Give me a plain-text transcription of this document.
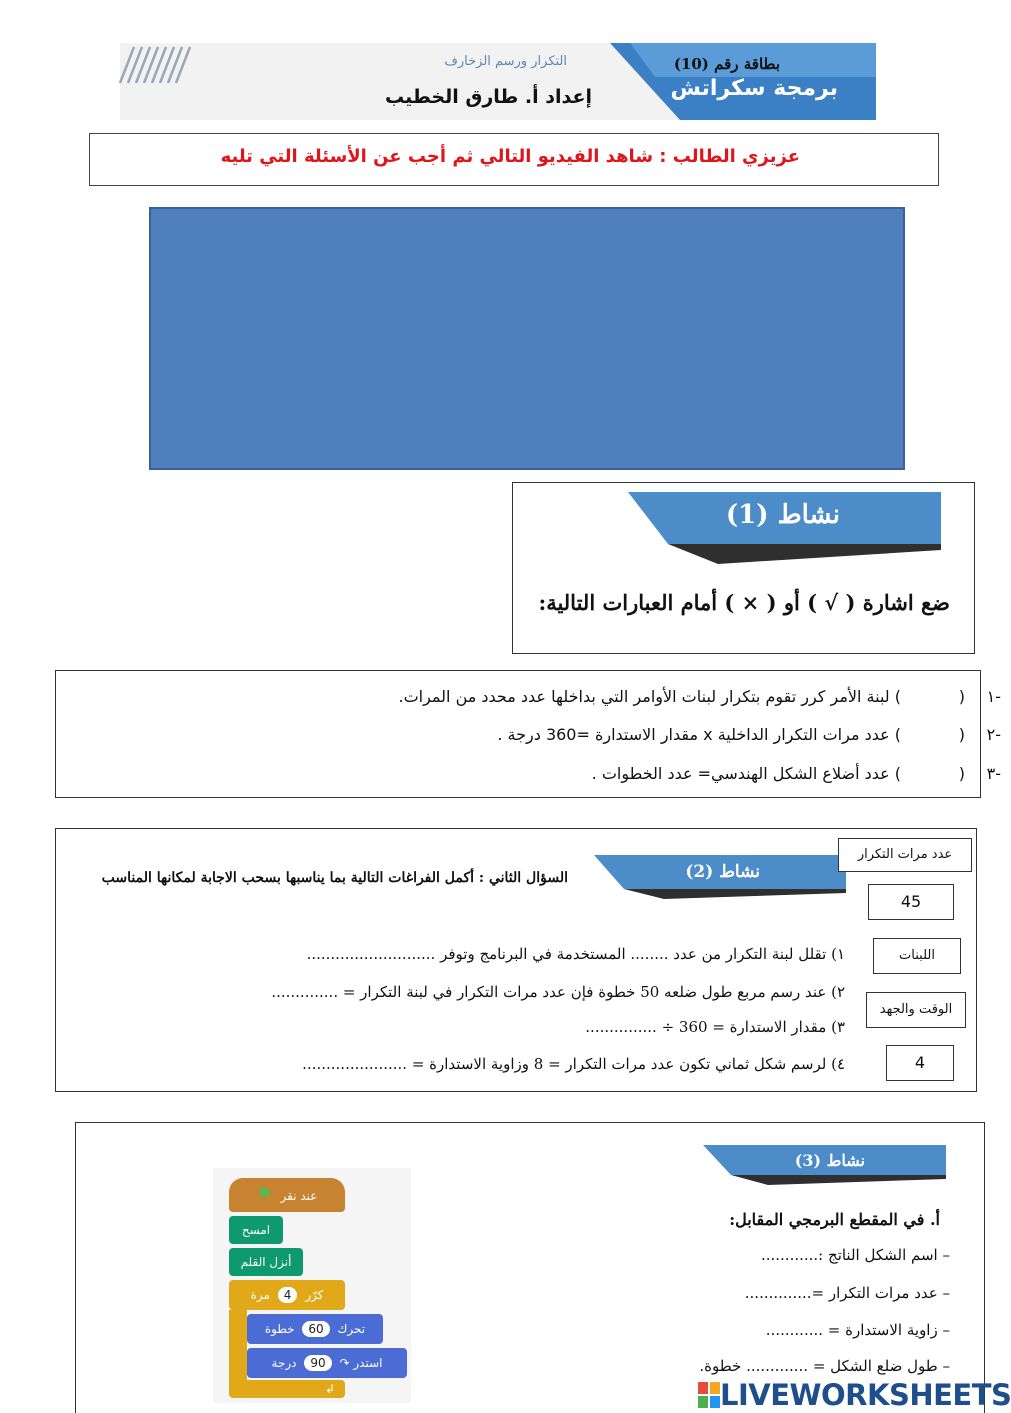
التكرار ورسم الزخارف	بطاقة رقم (10)
برمجة سكراتش
إعداد أ. طارق الخطيب
عزيزي الطالب : شاهد الفيديو التالي ثم أجب عن الأسئلة التي تليه
نشاط (1)
ضع اشارة ( √ ) أو ( × ) أمام العبارات التالية:
-١
(
) لبنة الأمر كرر تقوم بتكرار لبنات الأوامر التي بداخلها عدد محدد من المرات.
-٢
(
) عدد مرات التكرار الداخلية x مقدار الاستدارة =360 درجة .
-٣
(
) عدد أضلاع الشكل الهندسي= عدد الخطوات .
نشاط (2)
السؤال الثاني : أكمل الفراغات التالية بما يناسبها بسحب الاجابة لمكانها المناسب
١) تقلل لبنة التكرار من عدد ........ المستخدمة في البرنامج وتوفر ...........................
٢) عند رسم مربع طول ضلعه 50 خطوة فإن عدد مرات التكرار في لبنة التكرار = ..............
٣) مقدار الاستدارة = 360 ÷ ...............
٤) لرسم شكل ثماني تكون عدد مرات التكرار = 8 وزاوية الاستدارة = ......................
عدد مرات التكرار
45
اللبنات
الوقت والجهد
4
نشاط (3)
أ. في المقطع البرمجي المقابل:
– اسم الشكل الناتج :............
– عدد مرات التكرار =..............
– زاوية الاستدارة = ............
– طول ضلع الشكل = ............. خطوة.
⚑ عند نقر
امسح
أنزل القلم
كرّر 4 مرة
تحرك 60 خطوة
استدر ↷ 90 درجة
↲	LIVEWORKSHEETS
